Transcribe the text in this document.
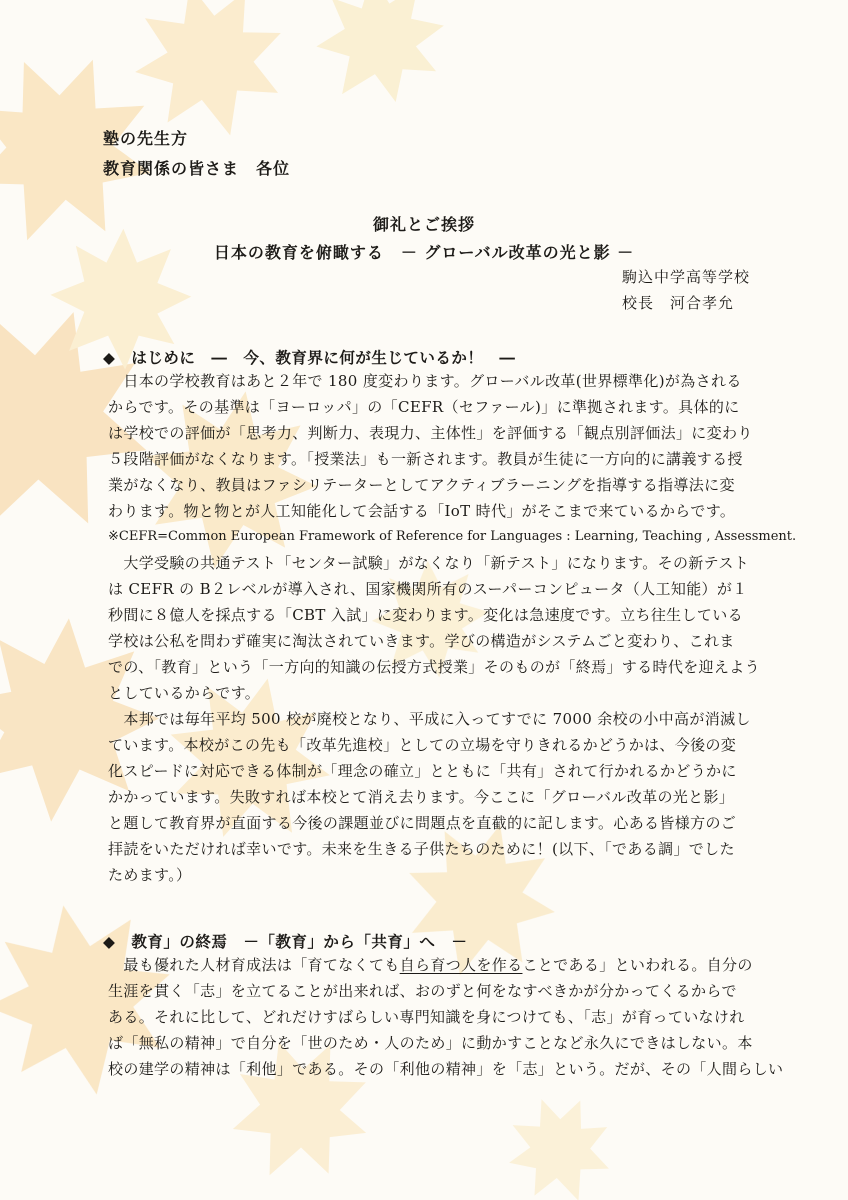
塾の先生方
教育関係の皆さま　各位
御礼とご挨拶
日本の教育を俯瞰する　－ グローバル改革の光と影 －
駒込中学高等学校
校長　河合孝允
◆　はじめに　―　今、教育界に何が生じているか！　―
　日本の学校教育はあと２年で 180 度変わります。グローバル改革(世界標準化)が為される
からです。その基準は「ヨーロッパ」の「CEFR（セファール)」に準拠されます。具体的に
は学校での評価が「思考力、判断力、表現力、主体性」を評価する「観点別評価法」に変わり
５段階評価がなくなります。「授業法」も一新されます。教員が生徒に一方向的に講義する授
業がなくなり、教員はファシリテーターとしてアクティブラーニングを指導する指導法に変
わります。物と物とが人工知能化して会話する「IoT 時代」がそこまで来ているからです。
※CEFR=Common European Framework of Reference for Languages : Learning, Teaching , Assessment.
　大学受験の共通テスト「センター試験」がなくなり「新テスト」になります。その新テスト
は CEFR の B２レベルが導入され、国家機関所有のスーパーコンピュータ（人工知能）が１
秒間に８億人を採点する「CBT 入試」に変わります。変化は急速度です。立ち往生している
学校は公私を問わず確実に淘汰されていきます。学びの構造がシステムごと変わり、これま
での、「教育」という「一方向的知識の伝授方式授業」そのものが「終焉」する時代を迎えよう
としているからです。
　本邦では毎年平均 500 校が廃校となり、平成に入ってすでに 7000 余校の小中高が消滅し
ています。本校がこの先も「改革先進校」としての立場を守りきれるかどうかは、今後の変
化スピードに対応できる体制が「理念の確立」とともに「共有」されて行かれるかどうかに
かかっています。失敗すれば本校とて消え去ります。今ここに「グローバル改革の光と影」
と題して教育界が直面する今後の課題並びに問題点を直截的に記します。心ある皆様方のご
拝読をいただければ幸いです。未来を生きる子供たちのために！(以下、「である調」でした
ためます。）
◆　教育」の終焉　－「教育」から「共育」へ　－
　最も優れた人材育成法は「育てなくても自ら育つ人を作ることである」といわれる。自分の
生涯を貫く「志」を立てることが出来れば、おのずと何をなすべきかが分かってくるからで
ある。それに比して、どれだけすばらしい専門知識を身につけても、「志」が育っていなけれ
ば「無私の精神」で自分を「世のため・人のため」に動かすことなど永久にできはしない。本
校の建学の精神は「利他」である。その「利他の精神」を「志」という。だが、その「人間らしい
